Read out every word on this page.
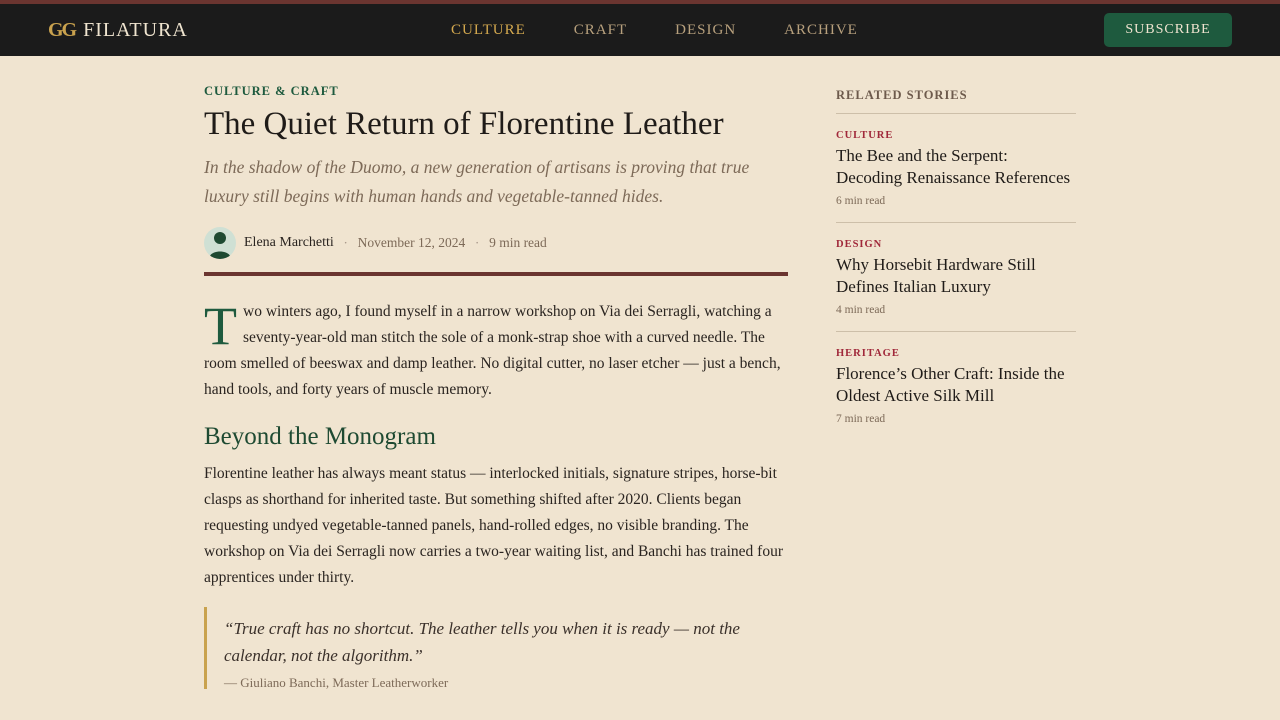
GG FILATURA	CULTURE	CRAFT	DESIGN	ARCHIVE	SUBSCRIBE
CULTURE & CRAFT
The Quiet Return of Florentine Leather

In the shadow of the Duomo, a new generation of artisans is proving that true luxury still begins with human hands and vegetable-tanned hides.

Elena Marchetti · November 12, 2024 · 9 min read

Two winters ago, I found myself in a narrow workshop on Via dei Serragli, watching a seventy-year-old man stitch the sole of a monk-strap shoe with a curved needle. The room smelled of beeswax and damp leather. No digital cutter, no laser etcher — just a bench, hand tools, and forty years of muscle memory.

Beyond the Monogram

Florentine leather has always meant status — interlocked initials, signature stripes, horse-bit clasps as shorthand for inherited taste. But something shifted after 2020. Clients began requesting undyed vegetable-tanned panels, hand-rolled edges, no visible branding. The workshop on Via dei Serragli now carries a two-year waiting list, and Banchi has trained four apprentices under thirty.

“True craft has no shortcut. The leather tells you when it is ready — not the calendar, not the algorithm.”

— Giuliano Banchi, Master Leatherworker

RELATED STORIES
CULTURE
The Bee and the Serpent: Decoding Renaissance References
6 min read
DESIGN
Why Horsebit Hardware Still Defines Italian Luxury
4 min read
HERITAGE
Florence’s Other Craft: Inside the Oldest Active Silk Mill
7 min read
